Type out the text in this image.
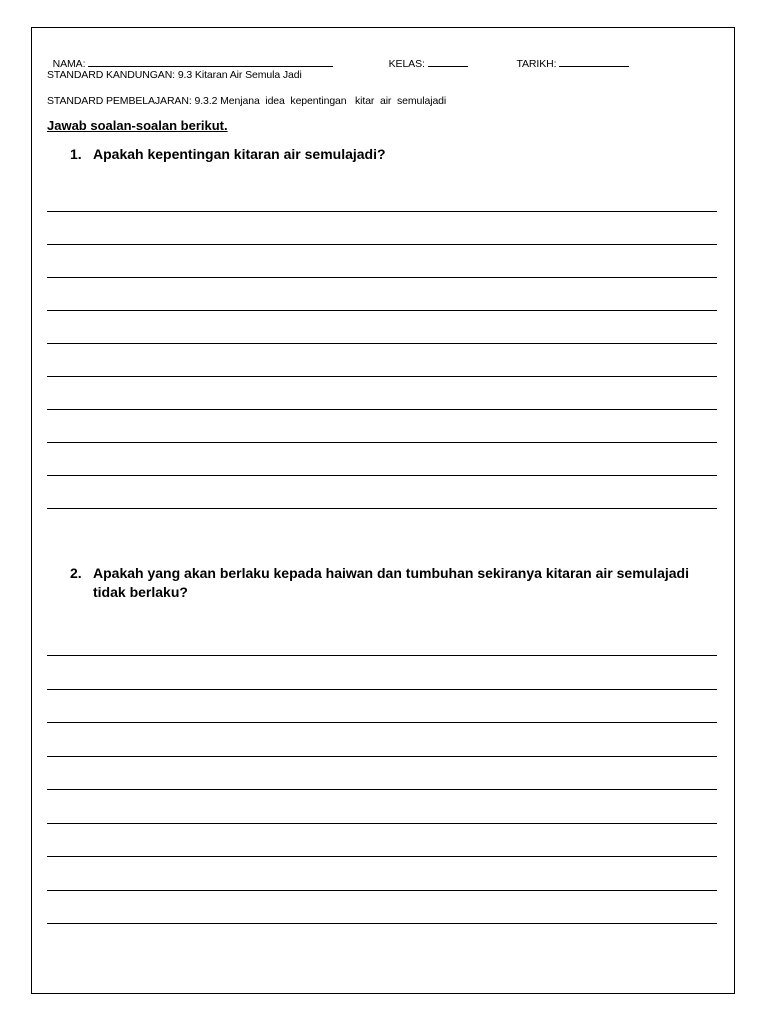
NAMA:	KELAS:	TARIKH:

STANDARD KANDUNGAN: 9.3 Kitaran Air Semula Jadi
STANDARD PEMBELAJARAN: 9.3.2 Menjana  idea  kepentingan   kitar  air  semulajadi
Jawab soalan-soalan berikut.
1. Apakah kepentingan kitaran air semulajadi?
2. Apakah yang akan berlaku kepada haiwan dan tumbuhan sekiranya kitaran air semulajadi tidak berlaku?
